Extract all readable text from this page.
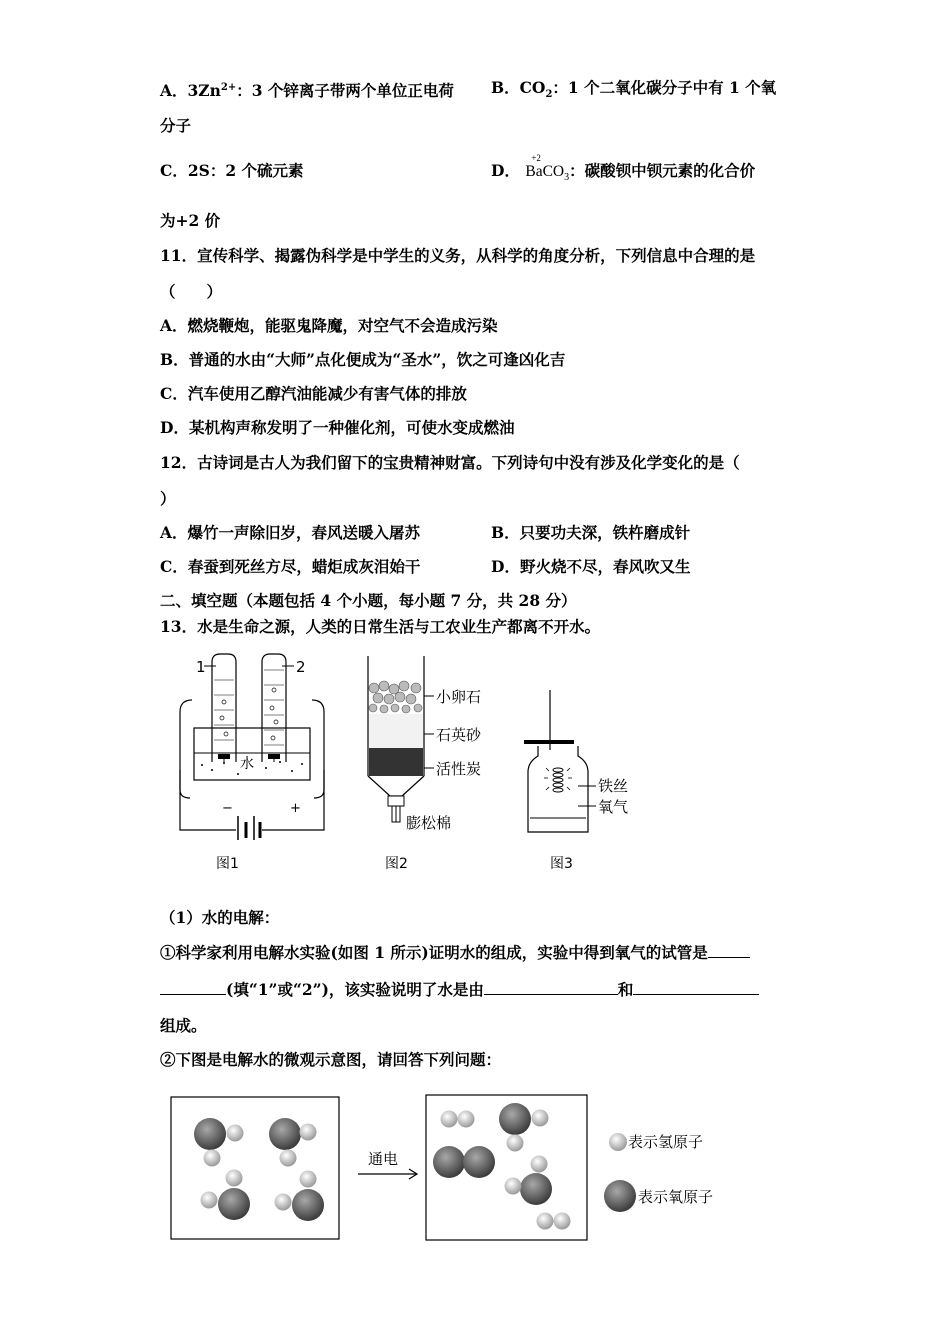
A．$3Zn^{2+}$：3 个锌离子带两个单位正电荷 B．$CO_2$：1 个二氧化碳分子中有 1 个氧
分子
C．2S：2 个硫元素	D．
+2
BaCO$_3$：碳酸钡中钡元素的化合价
为+2 价
11．宣传科学、揭露伪科学是中学生的义务，从科学的角度分析，下列信息中合理的是
（　　）
A．燃烧鞭炮，能驱鬼降魔，对空气不会造成污染
B．普通的水由“大师”点化便成为“圣水”，饮之可逢凶化吉
C．汽车使用乙醇汽油能减少有害气体的排放
D．某机构声称发明了一种催化剂，可使水变成燃油
12．古诗词是古人为我们留下的宝贵精神财富。下列诗句中没有涉及化学变化的是（
）
A．爆竹一声除旧岁，春风送暖入屠苏	B．只要功夫深，铁杵磨成针
C．春蚕到死丝方尽，蜡炬成灰泪始干	D．野火烧不尽，春风吹又生
二、填空题（本题包括 4 个小题，每小题 7 分，共 28 分）
13．水是生命之源，人类的日常生活与工农业生产都离不开水。
1	2
水
−	+
图1
小卵石
石英砂
活性炭
膨松棉
图2
铁丝
氧气
图3
（1）水的电解：
①科学家利用电解水实验(如图 1 所示)证明水的组成，实验中得到氧气的试管是
(填“1”或“2”)，该实验说明了水是由	和
组成。
②下图是电解水的微观示意图，请回答下列问题：
通电
表示氢原子
表示氧原子
